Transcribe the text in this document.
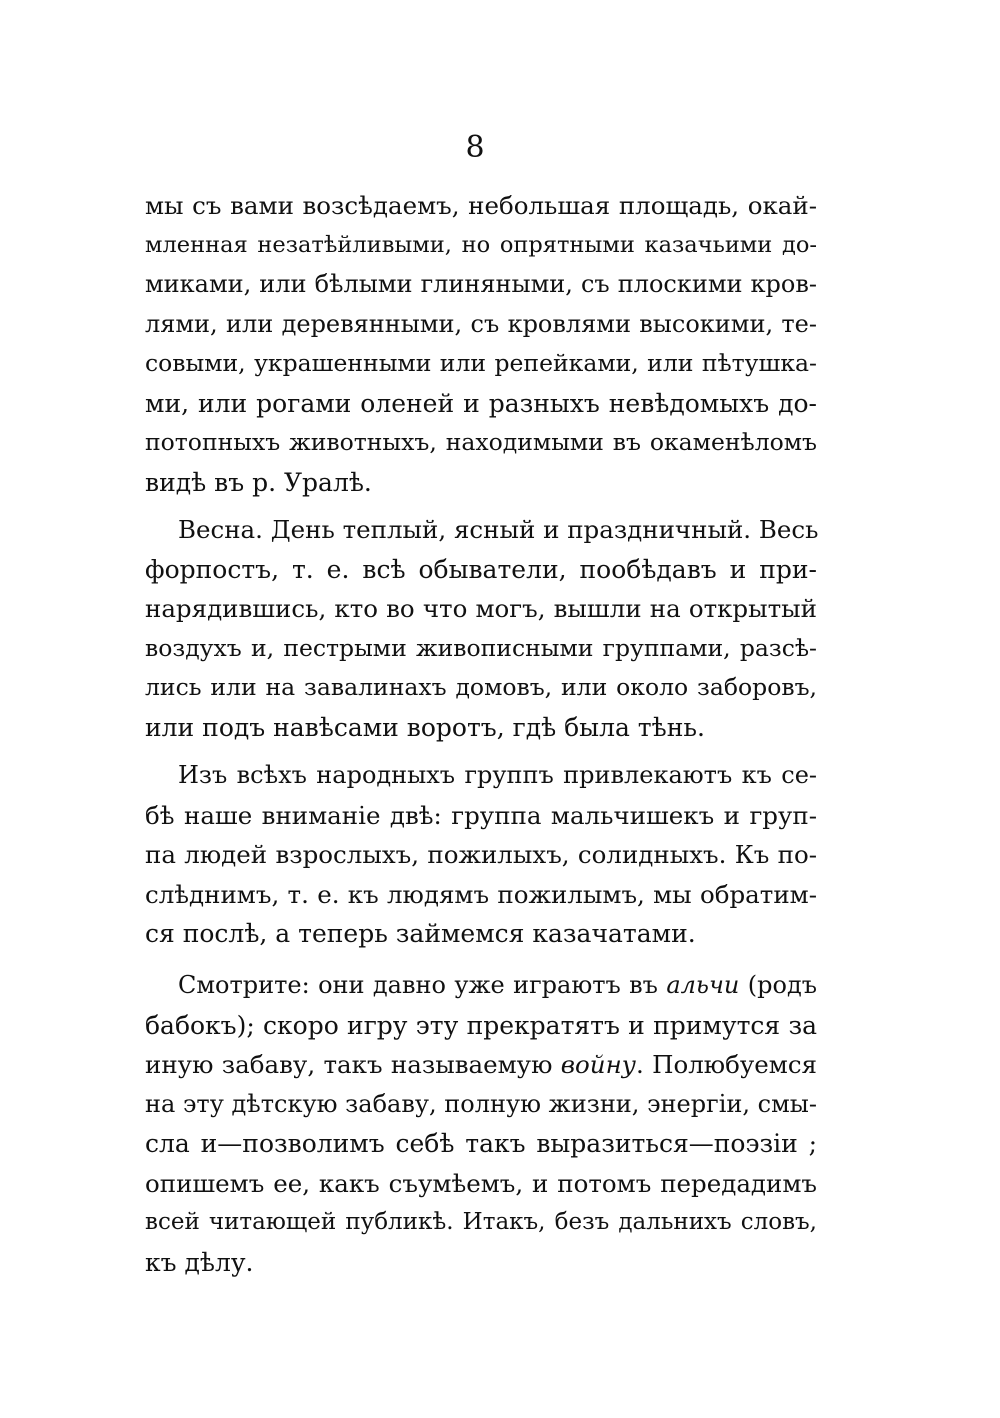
8
мы съ вами возсѣдаемъ, небольшая площадь, окай-
мленная незатѣйливыми, но опрятными казачьими до-
миками, или бѣлыми глиняными, съ плоскими кров-
лями, или деревянными, съ кровлями высокими, те-
совыми, украшенными или репейками, или пѣтушка-
ми, или рогами оленей и разныхъ невѣдомыхъ до-
потопныхъ животныхъ, находимыми въ окаменѣломъ
видѣ въ р. Уралѣ.
Весна. День теплый, ясный и праздничный. Весь
форпостъ, т. е. всѣ обыватели, пообѣдавъ и при-
нарядившись, кто во что могъ, вышли на открытый
воздухъ и, пестрыми живописными группами, разсѣ-
лись или на завалинахъ домовъ, или около заборовъ,
или подъ навѣсами воротъ, гдѣ была тѣнь.
Изъ всѣхъ народныхъ группъ привлекаютъ къ се-
бѣ наше вниманіе двѣ: группа мальчишекъ и груп-
па людей взрослыхъ, пожилыхъ, солидныхъ. Къ по-
слѣднимъ, т. е. къ людямъ пожилымъ, мы обратим-
ся послѣ, а теперь займемся казачатами.
Смотрите: они давно уже играютъ въ альчи (родъ
бабокъ); скоро игру эту прекратятъ и примутся за
иную забаву, такъ называемую войну. Полюбуемся
на эту дѣтскую забаву, полную жизни, энергіи, смы-
сла и—позволимъ себѣ такъ выразиться—поэзіи ;
опишемъ ее, какъ съумѣемъ, и потомъ передадимъ
всей читающей публикѣ. Итакъ, безъ дальнихъ словъ,
къ дѣлу.
